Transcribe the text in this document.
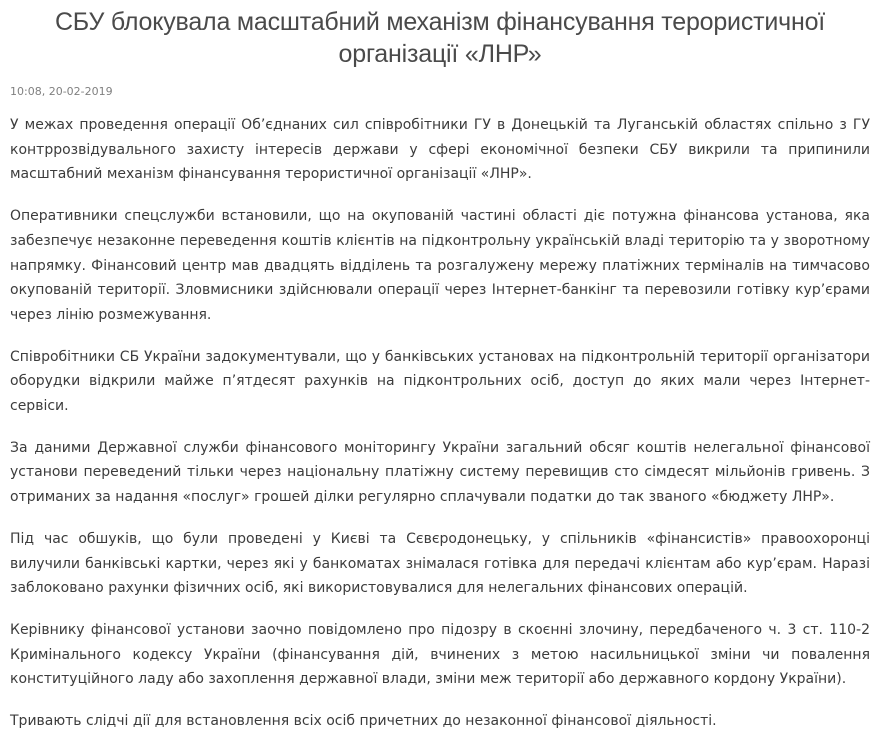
СБУ блокувала масштабний механізм фінансування терористичної організації «ЛНР»
10:08, 20-02-2019

У межах проведення операції Об’єднаних сил співробітники ГУ в Донецькій та Луганській областях спільно з ГУ контррозвідувального захисту інтересів держави у сфері економічної безпеки СБУ викрили та припинили масштабний механізм фінансування терористичної організації «ЛНР».

Оперативники спецслужби встановили, що на окупованій частині області діє потужна фінансова установа, яка забезпечує незаконне переведення коштів клієнтів на підконтрольну українській владі територію та у зворотному напрямку. Фінансовий центр мав двадцять відділень та розгалужену мережу платіжних терміналів на тимчасово окупованій території. Зловмисники здійснювали операції через Інтернет-банкінг та перевозили готівку кур’єрами через лінію розмежування.

Співробітники СБ України задокументували, що у банківських установах на підконтрольній території організатори оборудки відкрили майже п’ятдесят рахунків на підконтрольних осіб, доступ до яких мали через Інтернет-сервіси.

За даними Державної служби фінансового моніторингу України загальний обсяг коштів нелегальної фінансової установи переведений тільки через національну платіжну систему перевищив сто сімдесят мільйонів гривень. З отриманих за надання «послуг» грошей ділки регулярно сплачували податки до так званого «бюджету ЛНР».

Під час обшуків, що були проведені у Києві та Сєвєродонецьку, у спільників «фінансистів» правоохоронці вилучили банківські картки, через які у банкоматах знімалася готівка для передачі клієнтам або кур’єрам. Наразі заблоковано рахунки фізичних осіб, які використовувалися для нелегальних фінансових операцій.

Керівнику фінансової установи заочно повідомлено про підозру в скоєнні злочину, передбаченого ч. 3 ст. 110-2 Кримінального кодексу України (фінансування дій, вчинених з метою насильницької зміни чи повалення конституційного ладу або захоплення державної влади, зміни меж території або державного кордону України).

Тривають слідчі дії для встановлення всіх осіб причетних до незаконної фінансової діяльності.
